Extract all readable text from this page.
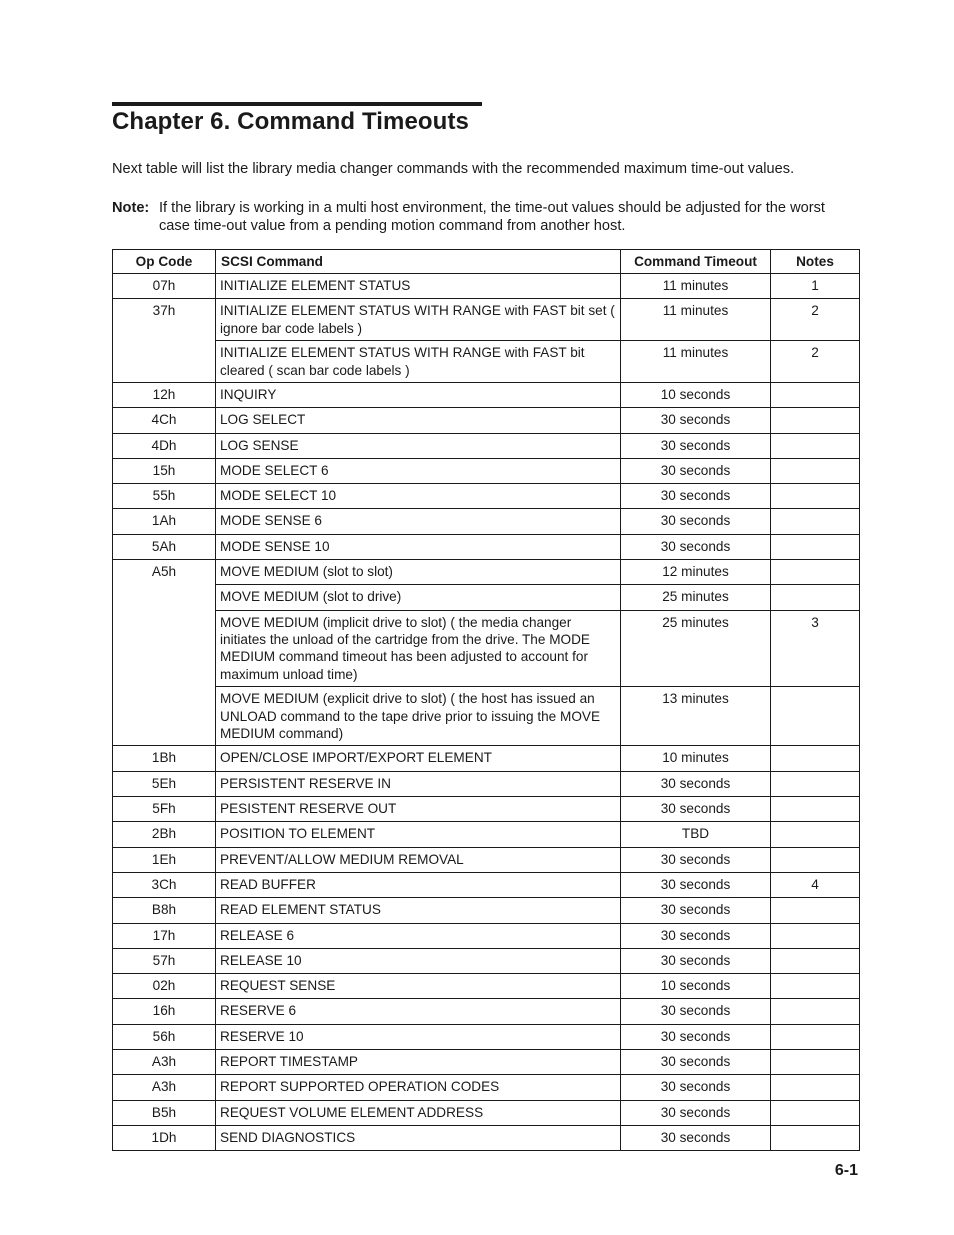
Chapter 6. Command Timeouts

Next table will list the library media changer commands with the recommended maximum time-out values.

Note: If the library is working in a multi host environment, the time-out values should be adjusted for the worst case time-out value from a pending motion command from another host.
Op Code	SCSI Command	Command Timeout	Notes
07h	INITIALIZE ELEMENT STATUS	11 minutes	1
37h	INITIALIZE ELEMENT STATUS WITH RANGE with FAST bit set ( ignore bar code labels )	11 minutes	2
	INITIALIZE ELEMENT STATUS WITH RANGE with FAST bit cleared ( scan bar code labels )	11 minutes	2
12h	INQUIRY	10 seconds	
4Ch	LOG SELECT	30 seconds	
4Dh	LOG SENSE	30 seconds	
15h	MODE SELECT 6	30 seconds	
55h	MODE SELECT 10	30 seconds	
1Ah	MODE SENSE 6	30 seconds	
5Ah	MODE SENSE 10	30 seconds	
A5h	MOVE MEDIUM (slot to slot)	12 minutes	
	MOVE MEDIUM (slot to drive)	25 minutes	
	MOVE MEDIUM (implicit drive to slot) ( the media changer initiates the unload of the cartridge from the drive. The MODE MEDIUM command timeout has been adjusted to account for maximum unload time)	25 minutes	3
	MOVE MEDIUM (explicit drive to slot) ( the host has issued an UNLOAD command to the tape drive prior to issuing the MOVE MEDIUM command)	13 minutes	
1Bh	OPEN/CLOSE IMPORT/EXPORT ELEMENT	10 minutes	
5Eh	PERSISTENT RESERVE IN	30 seconds	
5Fh	PESISTENT RESERVE OUT	30 seconds	
2Bh	POSITION TO ELEMENT	TBD	
1Eh	PREVENT/ALLOW MEDIUM REMOVAL	30 seconds	
3Ch	READ BUFFER	30 seconds	4
B8h	READ ELEMENT STATUS	30 seconds	
17h	RELEASE 6	30 seconds	
57h	RELEASE 10	30 seconds	
02h	REQUEST SENSE	10 seconds	
16h	RESERVE 6	30 seconds	
56h	RESERVE 10	30 seconds	
A3h	REPORT TIMESTAMP	30 seconds	
A3h	REPORT SUPPORTED OPERATION CODES	30 seconds	
B5h	REQUEST VOLUME ELEMENT ADDRESS	30 seconds	
1Dh	SEND DIAGNOSTICS	30 seconds	
6-1
